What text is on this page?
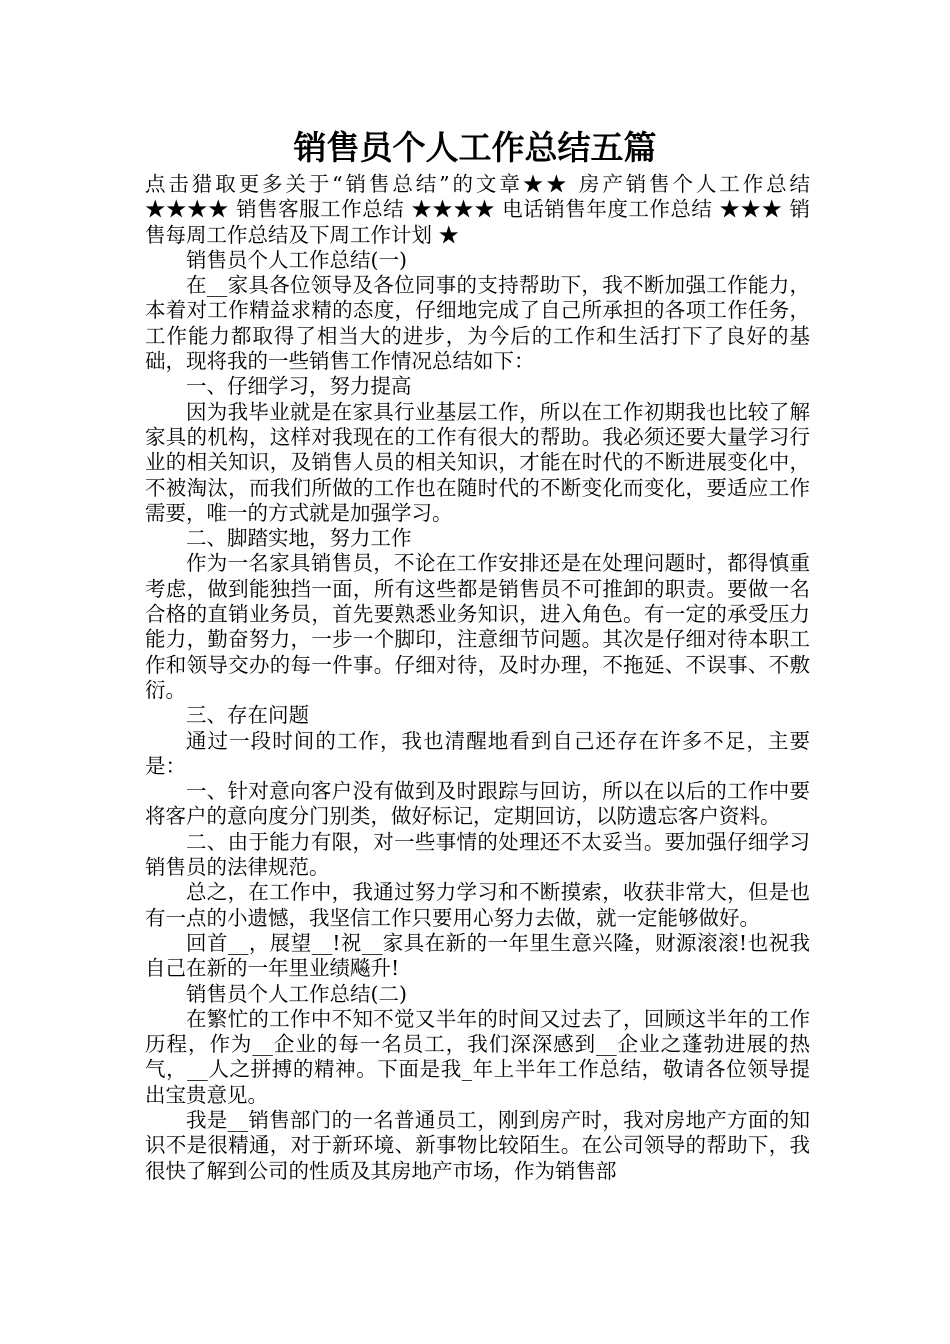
销售员个人工作总结五篇

点击猎取更多关于“销售总结”的文章★★ 房产销售个人工作总结 ★★★★ 销售客服工作总结 ★★★★ 电话销售年度工作总结 ★★★ 销售每周工作总结及下周工作计划 ★

销售员个人工作总结(一)

在__家具各位领导及各位同事的支持帮助下，我不断加强工作能力，本着对工作精益求精的态度，仔细地完成了自己所承担的各项工作任务，工作能力都取得了相当大的进步，为今后的工作和生活打下了良好的基础，现将我的一些销售工作情况总结如下：

一、仔细学习，努力提高

因为我毕业就是在家具行业基层工作，所以在工作初期我也比较了解家具的机构，这样对我现在的工作有很大的帮助。我必须还要大量学习行业的相关知识，及销售人员的相关知识，才能在时代的不断进展变化中，不被淘汰，而我们所做的工作也在随时代的不断变化而变化，要适应工作需要，唯一的方式就是加强学习。

二、脚踏实地，努力工作

作为一名家具销售员，不论在工作安排还是在处理问题时，都得慎重考虑，做到能独挡一面，所有这些都是销售员不可推卸的职责。要做一名合格的直销业务员，首先要熟悉业务知识，进入角色。有一定的承受压力能力，勤奋努力，一步一个脚印，注意细节问题。其次是仔细对待本职工作和领导交办的每一件事。仔细对待，及时办理，不拖延、不误事、不敷衍。

三、存在问题

通过一段时间的工作，我也清醒地看到自己还存在许多不足，主要是：

一、针对意向客户没有做到及时跟踪与回访，所以在以后的工作中要将客户的意向度分门别类，做好标记，定期回访，以防遗忘客户资料。

二、由于能力有限，对一些事情的处理还不太妥当。要加强仔细学习销售员的法律规范。

总之，在工作中，我通过努力学习和不断摸索，收获非常大，但是也有一点的小遗憾，我坚信工作只要用心努力去做，就一定能够做好。

回首__，展望__!祝__家具在新的一年里生意兴隆，财源滚滚!也祝我自己在新的一年里业绩飚升!

销售员个人工作总结(二)

在繁忙的工作中不知不觉又半年的时间又过去了，回顾这半年的工作历程，作为__企业的每一名员工，我们深深感到__企业之蓬勃进展的热气，__人之拼搏的精神。下面是我_年上半年工作总结，敬请各位领导提出宝贵意见。

我是__销售部门的一名普通员工，刚到房产时，我对房地产方面的知识不是很精通，对于新环境、新事物比较陌生。在公司领导的帮助下，我很快了解到公司的性质及其房地产市场，作为销售部
